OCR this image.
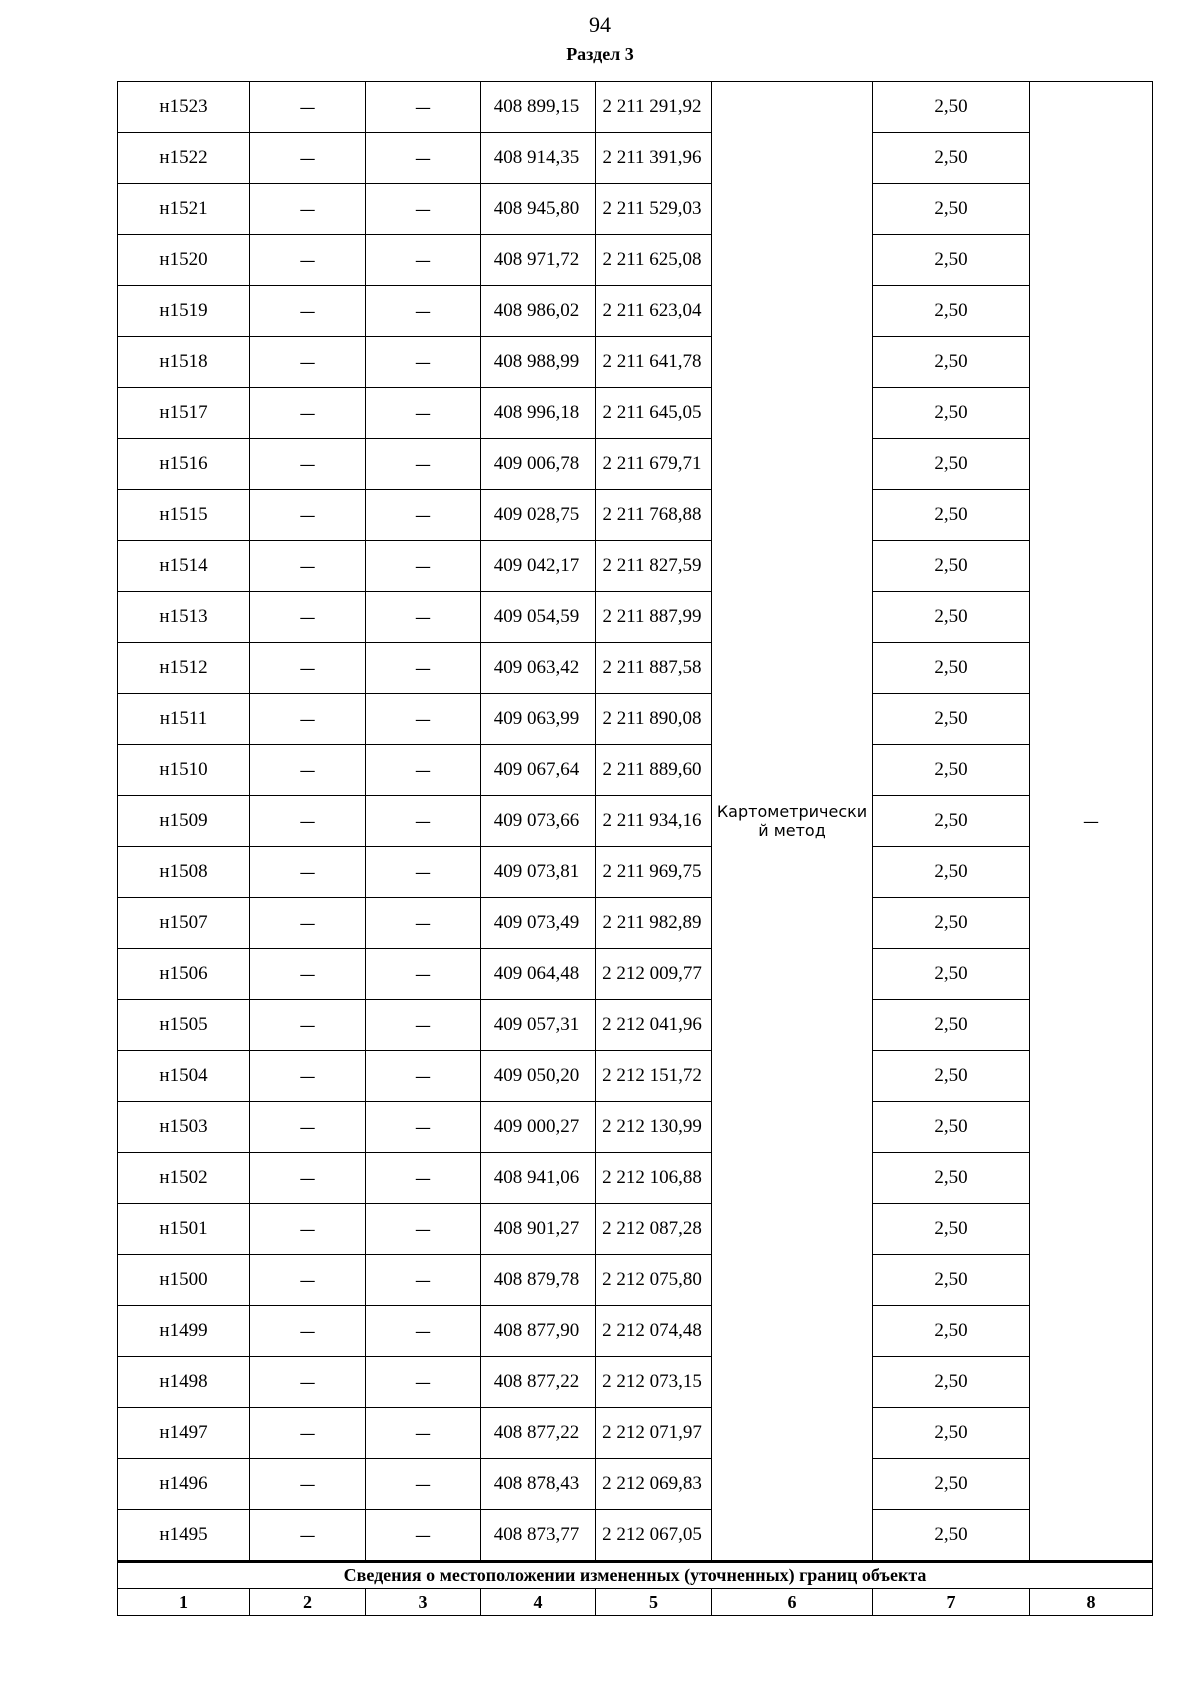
94
Раздел 3
н1523	—	—	408 899,15	2 211 291,92	Картометрический метод	2,50	—
н1522	—	—	408 914,35	2 211 391,96		2,50	
н1521	—	—	408 945,80	2 211 529,03		2,50	
н1520	—	—	408 971,72	2 211 625,08		2,50	
н1519	—	—	408 986,02	2 211 623,04		2,50	
н1518	—	—	408 988,99	2 211 641,78		2,50	
н1517	—	—	408 996,18	2 211 645,05		2,50	
н1516	—	—	409 006,78	2 211 679,71		2,50	
н1515	—	—	409 028,75	2 211 768,88		2,50	
н1514	—	—	409 042,17	2 211 827,59		2,50	
н1513	—	—	409 054,59	2 211 887,99		2,50	
н1512	—	—	409 063,42	2 211 887,58		2,50	
н1511	—	—	409 063,99	2 211 890,08		2,50	
н1510	—	—	409 067,64	2 211 889,60		2,50	
н1509	—	—	409 073,66	2 211 934,16		2,50	
н1508	—	—	409 073,81	2 211 969,75		2,50	
н1507	—	—	409 073,49	2 211 982,89		2,50	
н1506	—	—	409 064,48	2 212 009,77		2,50	
н1505	—	—	409 057,31	2 212 041,96		2,50	
н1504	—	—	409 050,20	2 212 151,72		2,50	
н1503	—	—	409 000,27	2 212 130,99		2,50	
н1502	—	—	408 941,06	2 212 106,88		2,50	
н1501	—	—	408 901,27	2 212 087,28		2,50	
н1500	—	—	408 879,78	2 212 075,80		2,50	
н1499	—	—	408 877,90	2 212 074,48		2,50	
н1498	—	—	408 877,22	2 212 073,15		2,50	
н1497	—	—	408 877,22	2 212 071,97		2,50	
н1496	—	—	408 878,43	2 212 069,83		2,50	
н1495	—	—	408 873,77	2 212 067,05		2,50	
Сведения о местоположении измененных (уточненных) границ объекта							
1	2	3	4	5	6	7	8
